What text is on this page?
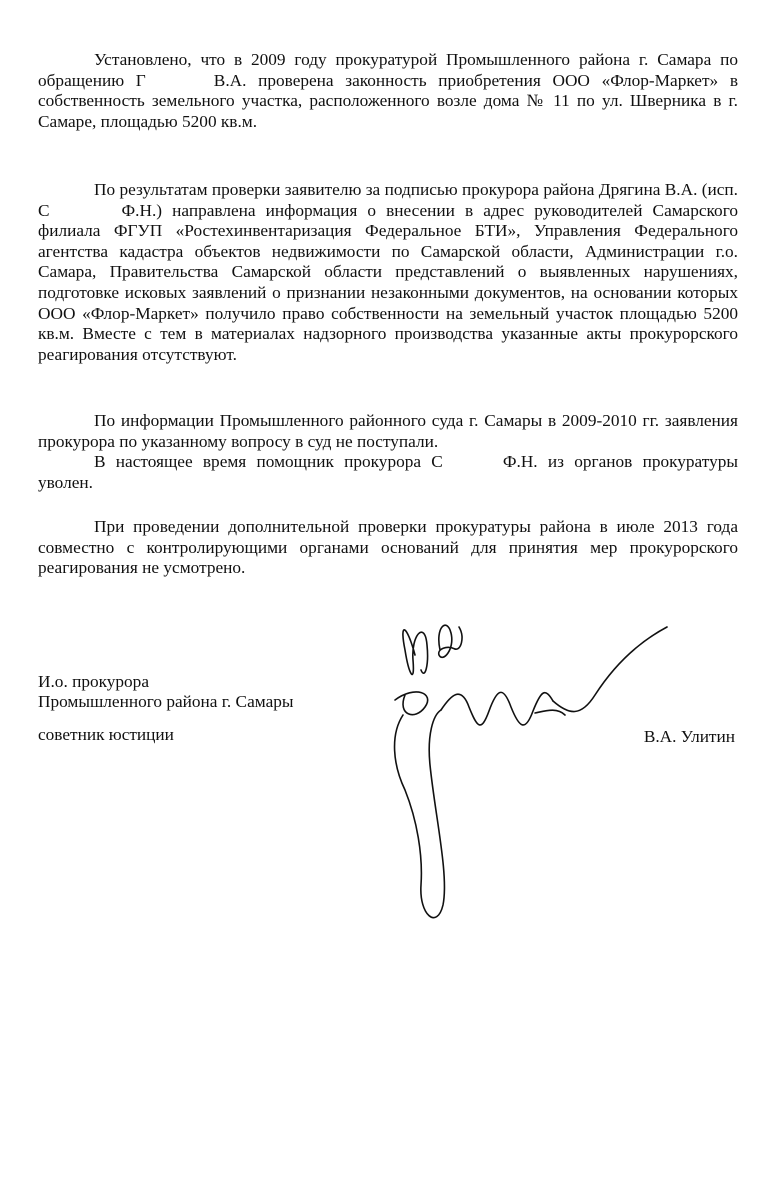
Установлено, что в 2009 году прокуратурой Промышленного района г. Самара по обращению Г	В.А. проверена законность приобретения ООО «Флор-Маркет» в собственность земельного участка, расположенного возле дома № 11 по ул. Шверника в г. Самаре, площадью 5200 кв.м.

По результатам проверки заявителю за подписью прокурора района Дрягина В.А. (исп. С	Ф.Н.) направлена информация о внесении в адрес руководителей Самарского филиала ФГУП «Ростехинвентаризация Федеральное БТИ», Управления Федерального агентства кадастра объектов недвижимости по Самарской области, Администрации г.о. Самара, Правительства Самарской области представлений о выявленных нарушениях, подготовке исковых заявлений о признании незаконными документов, на основании которых ООО «Флор-Маркет» получило право собственности на земельный участок площадью 5200 кв.м. Вместе с тем в материалах надзорного производства указанные акты прокурорского реагирования отсутствуют.

По информации Промышленного районного суда г. Самары в 2009-2010 гг. заявления прокурора по указанному вопросу в суд не поступали.

В настоящее время помощник прокурора С	Ф.Н. из органов прокуратуры уволен.

При проведении дополнительной проверки прокуратуры района в июле 2013 года совместно с контролирующими органами оснований для принятия мер прокурорского реагирования не усмотрено.

И.о. прокурора

Промышленного района г. Самары

советник юстиции	В.А. Улитин
